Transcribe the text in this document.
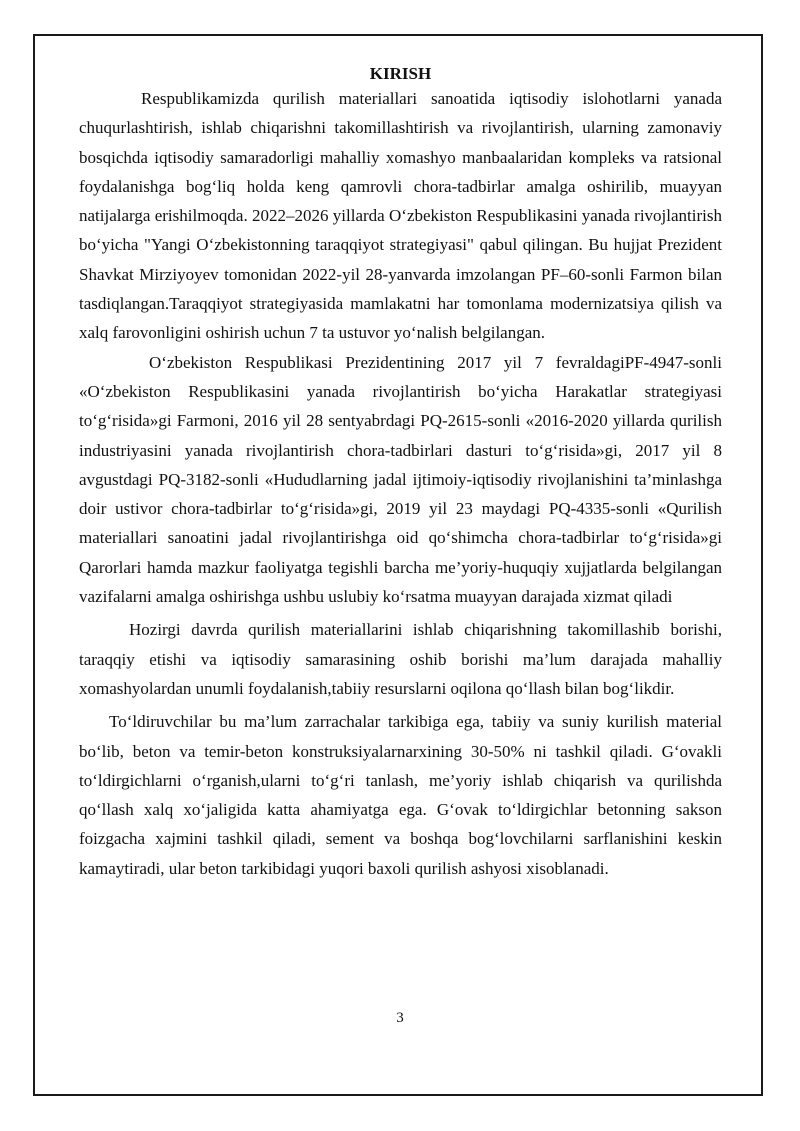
KIRISH

Respublikamizda qurilish materiallari sanoatida iqtisodiy islohotlarni yanada chuqurlashtirish, ishlab chiqarishni takomillashtirish va rivojlantirish, ularning zamonaviy bosqichda iqtisodiy samaradorligi mahalliy xomashyo manbaalaridan kompleks va ratsional foydalanishga bog‘liq holda keng qamrovli chora-tadbirlar amalga oshirilib, muayyan natijalarga erishilmoqda. 2022–2026 yillarda O‘zbekiston Respublikasini yanada rivojlantirish bo‘yicha "Yangi O‘zbekistonning taraqqiyot strategiyasi" qabul qilingan. Bu hujjat Prezident Shavkat Mirziyoyev tomonidan 2022-yil 28-yanvarda imzolangan PF–60-sonli Farmon bilan tasdiqlangan.Taraqqiyot strategiyasida mamlakatni har tomonlama modernizatsiya qilish va xalq farovonligini oshirish uchun 7 ta ustuvor yo‘nalish belgilangan.

O‘zbekiston Respublikasi Prezidentining 2017 yil 7 fevraldagiPF-4947-sonli «O‘zbekiston Respublikasini yanada rivojlantirish bo‘yicha Harakatlar strategiyasi to‘g‘risida»gi Farmoni, 2016 yil 28 sentyabrdagi PQ-2615-sonli «2016-2020 yillarda qurilish industriyasini yanada rivojlantirish chora-tadbirlari dasturi to‘g‘risida»gi, 2017 yil 8 avgustdagi PQ-3182-sonli «Hududlarning jadal ijtimoiy-iqtisodiy rivojlanishini ta’minlashga doir ustivor chora-tadbirlar to‘g‘risida»gi, 2019 yil 23 maydagi PQ-4335-sonli «Qurilish materiallari sanoatini jadal rivojlantirishga oid qo‘shimcha chora-tadbirlar to‘g‘risida»gi Qarorlari hamda mazkur faoliyatga tegishli barcha me’yoriy-huquqiy xujjatlarda belgilangan vazifalarni amalga oshirishga ushbu uslubiy ko‘rsatma muayyan darajada xizmat qiladi

Hozirgi davrda qurilish materiallarini ishlab chiqarishning takomillashib borishi, taraqqiy etishi va iqtisodiy samarasining oshib borishi ma’lum darajada mahalliy xomashyolardan unumli foydalanish,tabiiy resurslarni oqilona qo‘llash bilan bog‘likdir.

To‘ldiruvchilar bu ma’lum zarrachalar tarkibiga ega, tabiiy va suniy kurilish material bo‘lib, beton va temir-beton konstruksiyalarnarxining 30-50% ni tashkil qiladi. G‘ovakli to‘ldirgichlarni o‘rganish,ularni to‘g‘ri tanlash, me’yoriy ishlab chiqarish va qurilishda qo‘llash xalq xo‘jaligida katta ahamiyatga ega. G‘ovak to‘ldirgichlar betonning sakson foizgacha xajmini tashkil qiladi, sement va boshqa bog‘lovchilarni sarflanishini keskin kamaytiradi, ular beton tarkibidagi yuqori baxoli qurilish ashyosi xisoblanadi.

3
